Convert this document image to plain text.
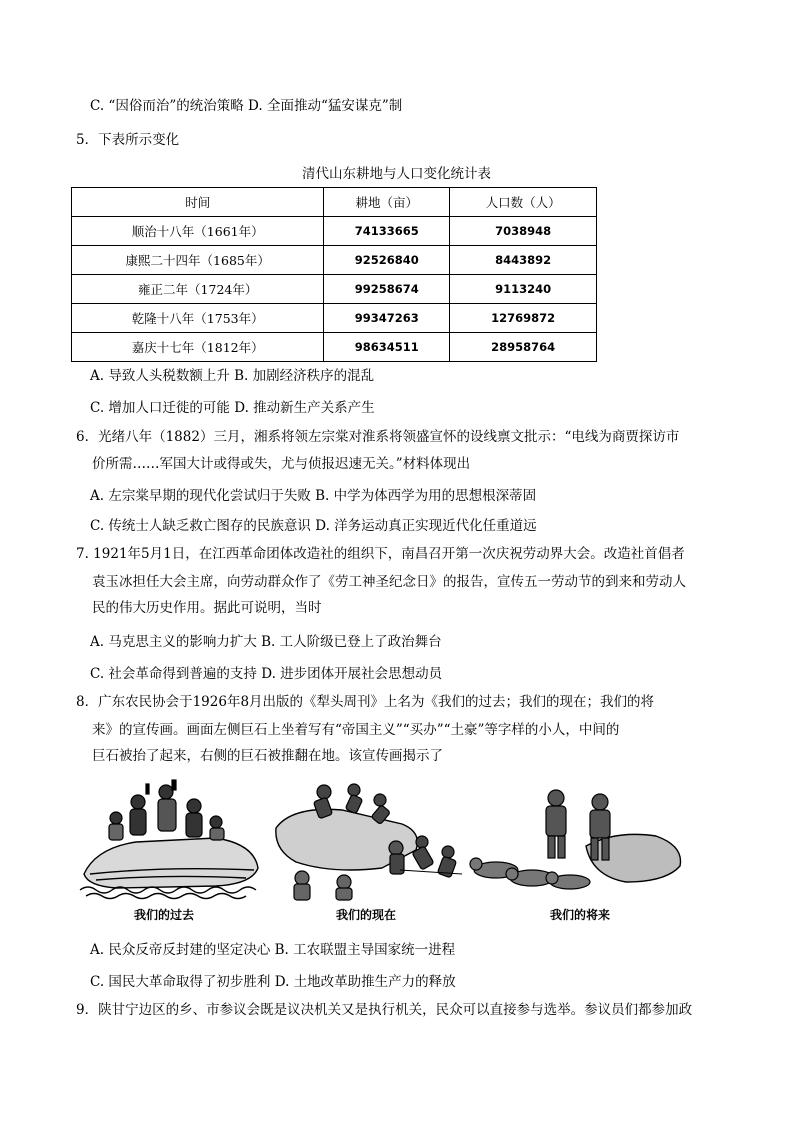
C. “因俗而治”的统治策略 D. 全面推动“猛安谋克”制
5．下表所示变化
清代山东耕地与人口变化统计表
时间	耕地（亩）	人口数（人）
顺治十八年（1661年）	74133665	7038948
康熙二十四年（1685年）	92526840	8443892
雍正二年（1724年）	99258674	9113240
乾隆十八年（1753年）	99347263	12769872
嘉庆十七年（1812年）	98634511	28958764
A. 导致人头税数额上升 B. 加剧经济秩序的混乱
C. 增加人口迁徙的可能 D. 推动新生产关系产生
6．光绪八年（1882）三月，湘系将领左宗棠对淮系将领盛宣怀的设线禀文批示：“电线为商贾探访市
价所需……军国大计或得或失，尤与侦报迟速无关。”材料体现出
A. 左宗棠早期的现代化尝试归于失败 B. 中学为体西学为用的思想根深蒂固
C. 传统士人缺乏救亡图存的民族意识 D. 洋务运动真正实现近代化任重道远
7. 1921年5月1日，在江西革命团体改造社的组织下，南昌召开第一次庆祝劳动界大会。改造社首倡者
袁玉冰担任大会主席，向劳动群众作了《劳工神圣纪念日》的报告，宣传五一劳动节的到来和劳动人
民的伟大历史作用。据此可说明，当时
A. 马克思主义的影响力扩大 B. 工人阶级已登上了政治舞台
C. 社会革命得到普遍的支持 D. 进步团体开展社会思想动员
8．广东农民协会于1926年8月出版的《犁头周刊》上名为《我们的过去；我们的现在；我们的将
来》的宣传画。画面左侧巨石上坐着写有“帝国主义”“买办”“土豪”等字样的小人，中间的
巨石被抬了起来，右侧的巨石被推翻在地。该宣传画揭示了
我们的过去	我们的现在	我们的将来
A. 民众反帝反封建的坚定决心 B. 工农联盟主导国家统一进程
C. 国民大革命取得了初步胜利 D. 土地改革助推生产力的释放
9．陕甘宁边区的乡、市参议会既是议决机关又是执行机关，民众可以直接参与选举。参议员们都参加政
